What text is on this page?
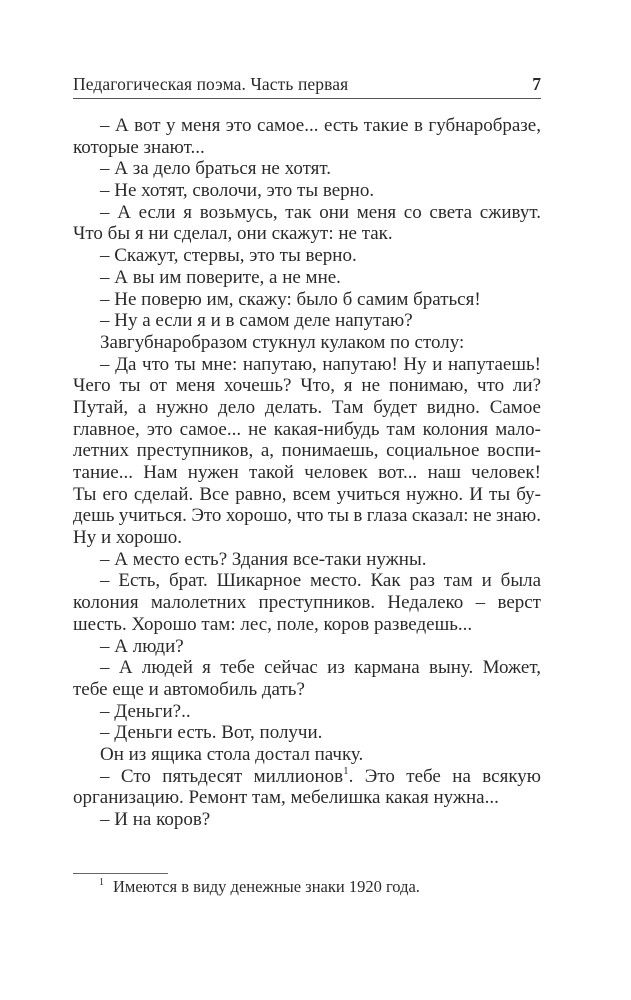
Педагогическая поэма. Часть первая	7
– А вот у меня это самое... есть такие в губнаробразе,
которые знают...
– А за дело браться не хотят.
– Не хотят, сволочи, это ты верно.
– А если я возьмусь, так они меня со света сживут.
Что бы я ни сделал, они скажут: не так.
– Скажут, стервы, это ты верно.
– А вы им поверите, а не мне.
– Не поверю им, скажу: было б самим браться!
– Ну а если я и в самом деле напутаю?
Завгубнаробразом стукнул кулаком по столу:
– Да что ты мне: напутаю, напутаю! Ну и напутаешь!
Чего ты от меня хочешь? Что, я не понимаю, что ли?
Путай, а нужно дело делать. Там будет видно. Самое
главное, это самое... не какая-нибудь там колония мало-
летних преступников, а, понимаешь, социальное воспи-
тание... Нам нужен такой человек вот... наш человек!
Ты его сделай. Все равно, всем учиться нужно. И ты бу-
дешь учиться. Это хорошо, что ты в глаза сказал: не знаю.
Ну и хорошо.
– А место есть? Здания все-таки нужны.
– Есть, брат. Шикарное место. Как раз там и была
колония малолетних преступников. Недалеко – верст
шесть. Хорошо там: лес, поле, коров разведешь...
– А люди?
– А людей я тебе сейчас из кармана выну. Может,
тебе еще и автомобиль дать?
– Деньги?..
– Деньги есть. Вот, получи.
Он из ящика стола достал пачку.
– Сто пятьдесят миллионов$^1$. Это тебе на всякую
организацию. Ремонт там, мебелишка какая нужна...
– И на коров?
1 Имеются в виду денежные знаки 1920 года.
